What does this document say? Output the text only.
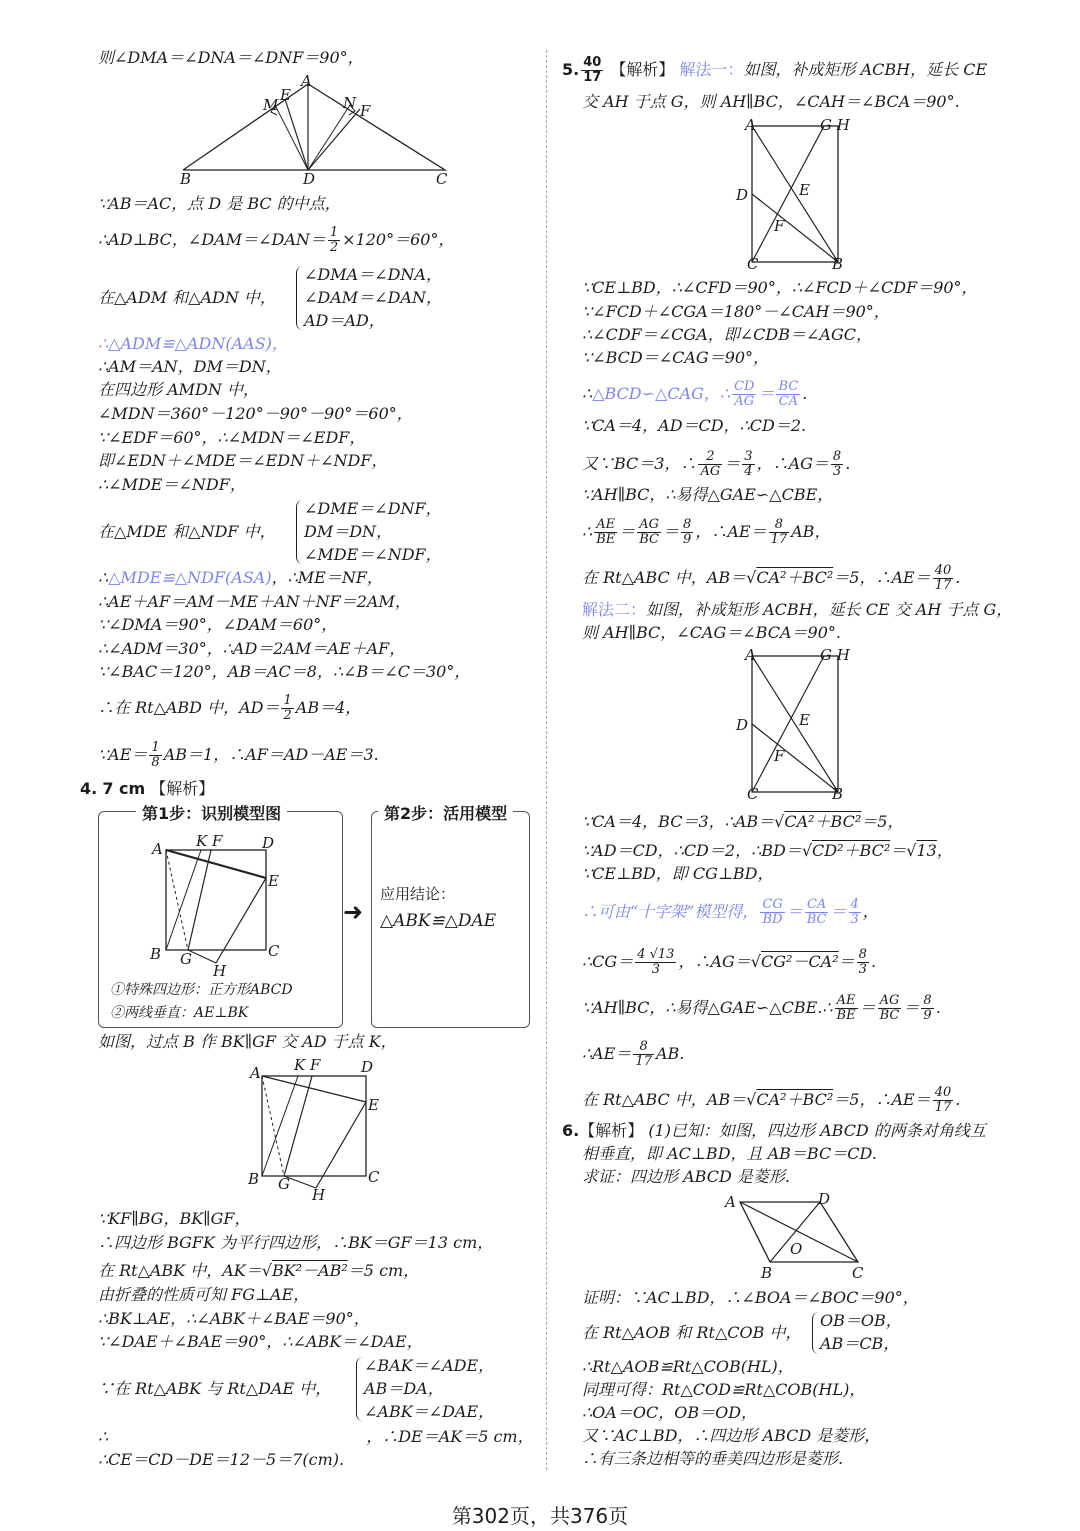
则∠DMA＝∠DNA＝∠DNF＝90°，
A
M
E	N F
B	D	C
∵AB＝AC，点 D 是 BC 的中点，
∴AD⊥BC，∠DAM＝∠DAN＝ $\frac{1}{2} \times 120^\circ=60^\circ$，
在△ADM 和△ADN 中，
∠DMA＝∠DNA，
∠DAM＝∠DAN，
AD＝AD，
∴△ADM≌△ADN(AAS)，
∴AM＝AN，DM＝DN，
在四边形 AMDN 中，
∠MDN＝360°－120°－90°－90°＝60°，
∵∠EDF＝60°，∴∠MDN＝∠EDF，
即∠EDN＋∠MDE＝∠EDN＋∠NDF，
∴∠MDE＝∠NDF，
在△MDE 和△NDF 中，
∠DME＝∠DNF，
DM＝DN，
∠MDE＝∠NDF，
∴△MDE≌△NDF(ASA)，∴ME＝NF，
∴AE＋AF＝AM－ME＋AN＋NF＝2AM，
∵∠DMA＝90°，∠DAM＝60°，
∴∠ADM＝30°，∴AD＝2AM＝AE＋AF，
∵∠BAC＝120°，AB＝AC＝8，∴∠B＝∠C＝30°，
∴在 Rt△ABD 中，$AD= \frac{1}{2} AB=4$，
∵AE＝ $\frac{1}{8} AB=1$，∴AF＝AD－AE＝3.
4. 7 cm 【解析】
第1步：识别模型图
A K F	D
E
B G	C
H
①特殊四边形：正方形ABCD
②两线垂直：AE⊥BK
➜
第2步：活用模型
应用结论：
△ABK≌△DAE
如图，过点 B 作 BK∥GF 交 AD 于点 K，
A K F	D
E
B G	C
H
∵KF∥BG，BK∥GF，
∴四边形 BGFK 为平行四边形，∴BK＝GF＝13 cm，
在 Rt△ABK 中，AK＝√BK²－AB²＝5 cm，
由折叠的性质可知 FG⊥AE，
∴BK⊥AE，∴∠ABK＋∠BAE＝90°，
∵∠DAE＋∠BAE＝90°，∴∠ABK＝∠DAE，
∵在 Rt△ABK 与 Rt△DAE 中，
∠BAK＝∠ADE，
AB＝DA，
∠ABK＝∠DAE，
∴	，∴DE＝AK＝5 cm，
∴CE＝CD－DE＝12－5＝7(cm).
5. $\frac{40}{17}$ 【解析】 解法一：如图，补成矩形 ACBH，延长 CE
交 AH 于点 G，则 AH∥BC，∠CAH＝∠BCA＝90°.
A	G H
D	E
F
C	B
∵CE⊥BD，∴∠CFD＝90°，∴∠FCD＋∠CDF＝90°，
∵∠FCD＋∠CGA＝180°－∠CAH＝90°，
∴∠CDF＝∠CGA，即∠CDB＝∠AGC，
∵∠BCD＝∠CAG＝90°，
∴△BCD∽△CAG，∴ $\frac{CD}{AG} = \frac{BC}{CA}$ .
∵CA＝4，AD＝CD，∴CD＝2.
又∵BC＝3，∴ $\frac{2}{AG} = \frac{3}{4}$ ，∴AG＝ $\frac{8}{3}$ .
∵AH∥BC，∴易得△GAE∽△CBE，
∴ $\frac{AE}{BE} = \frac{AG}{BC} = \frac{8}{9}$ ，∴AE＝ $\frac{8}{17}$ AB，
在 Rt△ABC 中，AB＝√CA²＋BC²＝5，∴AE＝ $\frac{40}{17}$ .
解法二：如图，补成矩形 ACBH，延长 CE 交 AH 于点 G，
则 AH∥BC，∠CAG＝∠BCA＝90°.
A	G H
D	E
F
C	B
∵CA＝4，BC＝3，∴AB＝√CA²＋BC²＝5，
∵AD＝CD，∴CD＝2，∴BD＝√CD²＋BC²＝√13，
∵CE⊥BD，即 CG⊥BD，
∴可由“十字架”模型得， $\frac{CG}{BD} = \frac{CA}{BC} = \frac{4}{3}$ ，
∴CG＝ $\frac{4 √13}{3}$ ，∴AG＝√CG²－CA²＝ $\frac{8}{3}$ .
∵AH∥BC，∴易得△GAE∽△CBE.∴ $\frac{AE}{BE} = \frac{AG}{BC} = \frac{8}{9}$ .
∴AE＝ $\frac{8}{17}$ AB.
在 Rt△ABC 中，AB＝√CA²＋BC²＝5，∴AE＝ $\frac{40}{17}$ .
6.【解析】 (1)已知：如图，四边形 ABCD 的两条对角线互
相垂直，即 AC⊥BD，且 AB＝BC＝CD.
求证：四边形 ABCD 是菱形.
A	D
O
B	C
证明：∵AC⊥BD，∴∠BOA＝∠BOC＝90°，
在 Rt△AOB 和 Rt△COB 中，
OB＝OB，
AB＝CB，
∴Rt△AOB≌Rt△COB(HL)，
同理可得：Rt△COD≌Rt△COB(HL)，
∴OA＝OC，OB＝OD，
又∵AC⊥BD，∴四边形 ABCD 是菱形，
∴有三条边相等的垂美四边形是菱形.
第302页，共376页
